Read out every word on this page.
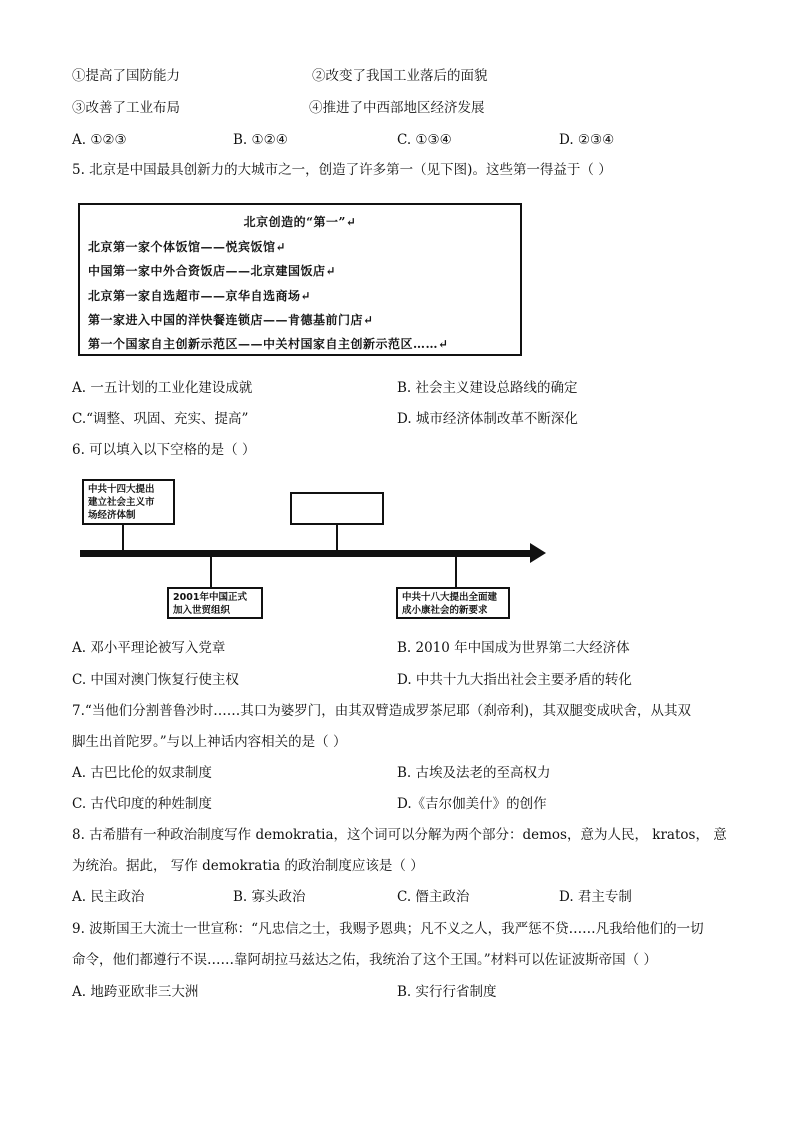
①提高了国防能力	②改变了我国工业落后的面貌
③改善了工业布局	④推进了中西部地区经济发展
A. ①②③	B. ①②④	C. ①③④	D. ②③④
5. 北京是中国最具创新力的大城市之一，创造了许多第一（见下图)。这些第一得益于（ ）
北京创造的“第一”↵
北京第一家个体饭馆——悦宾饭馆↵
中国第一家中外合资饭店——北京建国饭店↵
北京第一家自选超市——京华自选商场↵
第一家进入中国的洋快餐连锁店——肯德基前门店↵
第一个国家自主创新示范区——中关村国家自主创新示范区……↵
A. 一五计划的工业化建设成就	B. 社会主义建设总路线的确定
C.“调整、巩固、充实、提高”	D. 城市经济体制改革不断深化
6. 可以填入以下空格的是（ ）
中共十四大提出
建立社会主义市
场经济体制
2001年中国正式
加入世贸组织
中共十八大提出全面建
成小康社会的新要求
A. 邓小平理论被写入党章	B. 2010 年中国成为世界第二大经济体
C. 中国对澳门恢复行使主权	D. 中共十九大指出社会主要矛盾的转化
7.“当他们分割普鲁沙时……其口为婆罗门，由其双臂造成罗茶尼耶（刹帝利)，其双腿变成吠舍，从其双
脚生出首陀罗。”与以上神话内容相关的是（ ）
A. 古巴比伦的奴隶制度	B. 古埃及法老的至高权力
C. 古代印度的种姓制度	D.《吉尔伽美什》的创作
8. 古希腊有一种政治制度写作 demokratia，这个词可以分解为两个部分：demos，意为人民， kratos， 意
为统治。据此， 写作 demokratia 的政治制度应该是（ ）
A. 民主政治	B. 寡头政治	C. 僭主政治	D. 君主专制
9. 波斯国王大流士一世宣称：“凡忠信之士，我赐予恩典；凡不义之人，我严惩不贷……凡我给他们的一切
命令，他们都遵行不误……靠阿胡拉马兹达之佑，我统治了这个王国。”材料可以佐证波斯帝国（ ）
A. 地跨亚欧非三大洲	B. 实行行省制度
